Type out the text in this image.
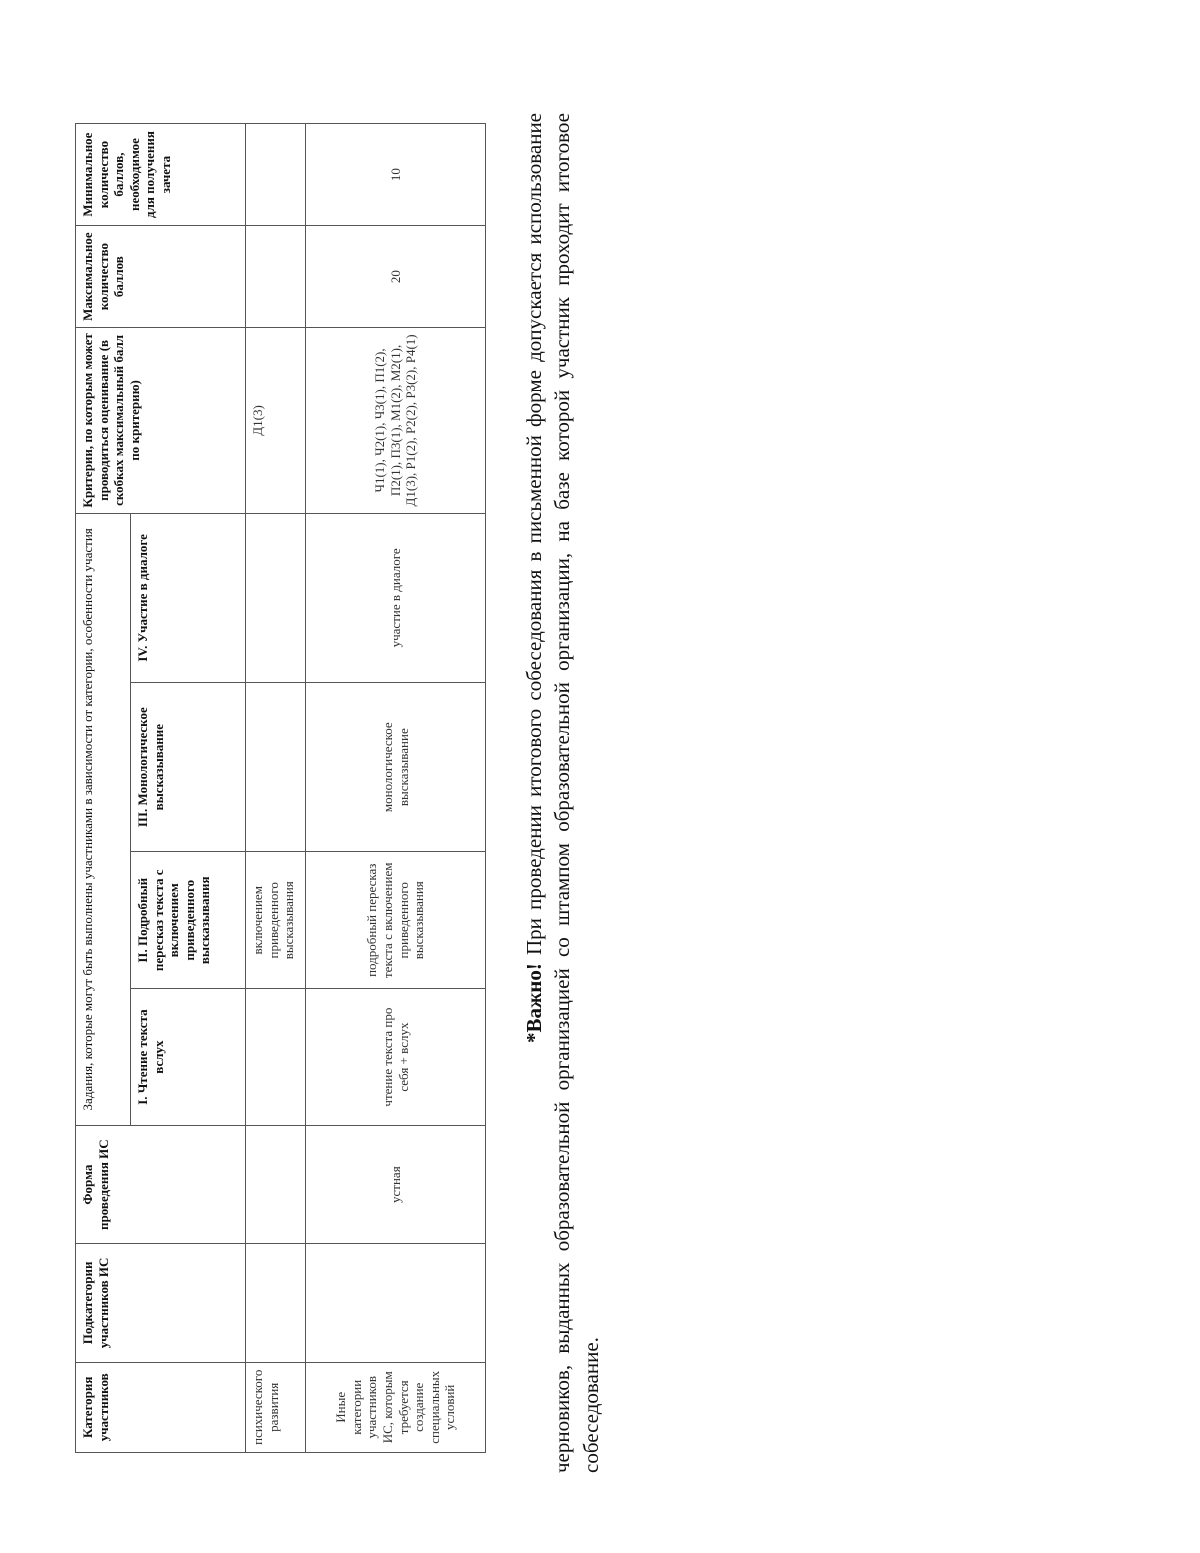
Категория участников	Подкатегории участников ИС	Форма проведения ИС	Задания, которые могут быть выполнены участниками в зависимости от категории, особенности участия				Критерии, по которым может проводиться оценивание (в скобках максимальный балл по критерию)	Максимальное количество баллов	Минимальное количество баллов, необходимое для получения зачета
			I. Чтение текста вслух	II. Подробный пересказ текста с включением приведенного высказывания	III. Монологическое высказывание	IV. Участие в диалоге			
психического развития				включением приведенного высказывания			Д1(3)		
Иные категории участников ИС, которым требуется создание специальных условий		устная	чтение текста про себя + вслух	подробный пересказ текста с включением приведенного высказывания	монологическое высказывание	участие в диалоге	Ч1(1), Ч2(1), Ч3(1), П1(2), П2(1), П3(1), М1(2), М2(1), Д1(3), Р1(2), Р2(2), Р3(2), Р4(1)	20	10

*Важно! При проведении итогового собеседования в письменной форме допускается использование черновиков, выданных образовательной организацией со штампом образовательной организации, на базе которой участник проходит итоговое собеседование.
